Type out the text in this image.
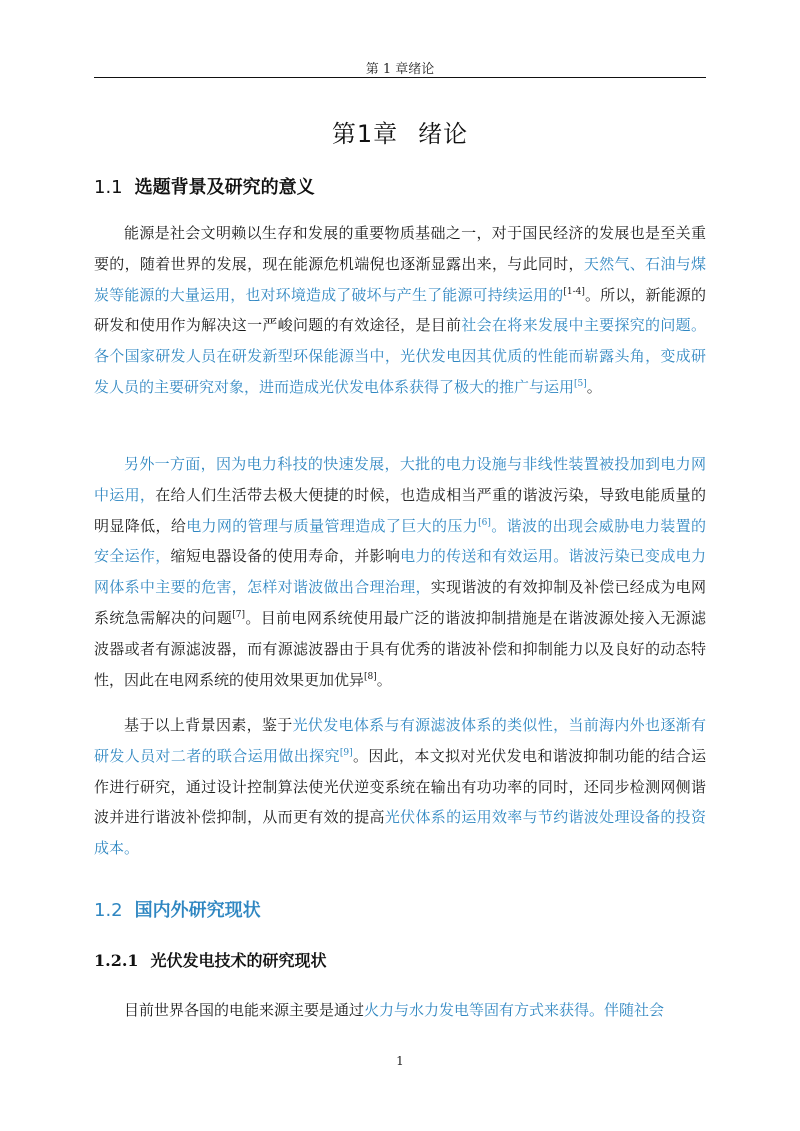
第 1 章绪论
第1章 绪论
1.1 选题背景及研究的意义

能源是社会文明赖以生存和发展的重要物质基础之一，对于国民经济的发展也是至关重要的，随着世界的发展，现在能源危机端倪也逐渐显露出来，与此同时，天然气、石油与煤炭等能源的大量运用，也对环境造成了破坏与产生了能源可持续运用的[1-4]。所以，新能源的研发和使用作为解决这一严峻问题的有效途径，是目前社会在将来发展中主要探究的问题。各个国家研发人员在研发新型环保能源当中，光伏发电因其优质的性能而崭露头角，变成研发人员的主要研究对象，进而造成光伏发电体系获得了极大的推广与运用[5]。

另外一方面，因为电力科技的快速发展，大批的电力设施与非线性装置被投加到电力网中运用，在给人们生活带去极大便捷的时候，也造成相当严重的谐波污染，导致电能质量的明显降低，给电力网的管理与质量管理造成了巨大的压力[6]。谐波的出现会威胁电力装置的安全运作，缩短电器设备的使用寿命，并影响电力的传送和有效运用。谐波污染已变成电力网体系中主要的危害，怎样对谐波做出合理治理，实现谐波的有效抑制及补偿已经成为电网系统急需解决的问题[7]。目前电网系统使用最广泛的谐波抑制措施是在谐波源处接入无源滤波器或者有源滤波器，而有源滤波器由于具有优秀的谐波补偿和抑制能力以及良好的动态特性，因此在电网系统的使用效果更加优异[8]。

基于以上背景因素，鉴于光伏发电体系与有源滤波体系的类似性，当前海内外也逐渐有研发人员对二者的联合运用做出探究[9]。因此，本文拟对光伏发电和谐波抑制功能的结合运作进行研究，通过设计控制算法使光伏逆变系统在输出有功功率的同时，还同步检测网侧谐波并进行谐波补偿抑制，从而更有效的提高光伏体系的运用效率与节约谐波处理设备的投资成本。

1.2 国内外研究现状
1.2.1 光伏发电技术的研究现状

目前世界各国的电能来源主要是通过火力与水力发电等固有方式来获得。伴随社会

1
